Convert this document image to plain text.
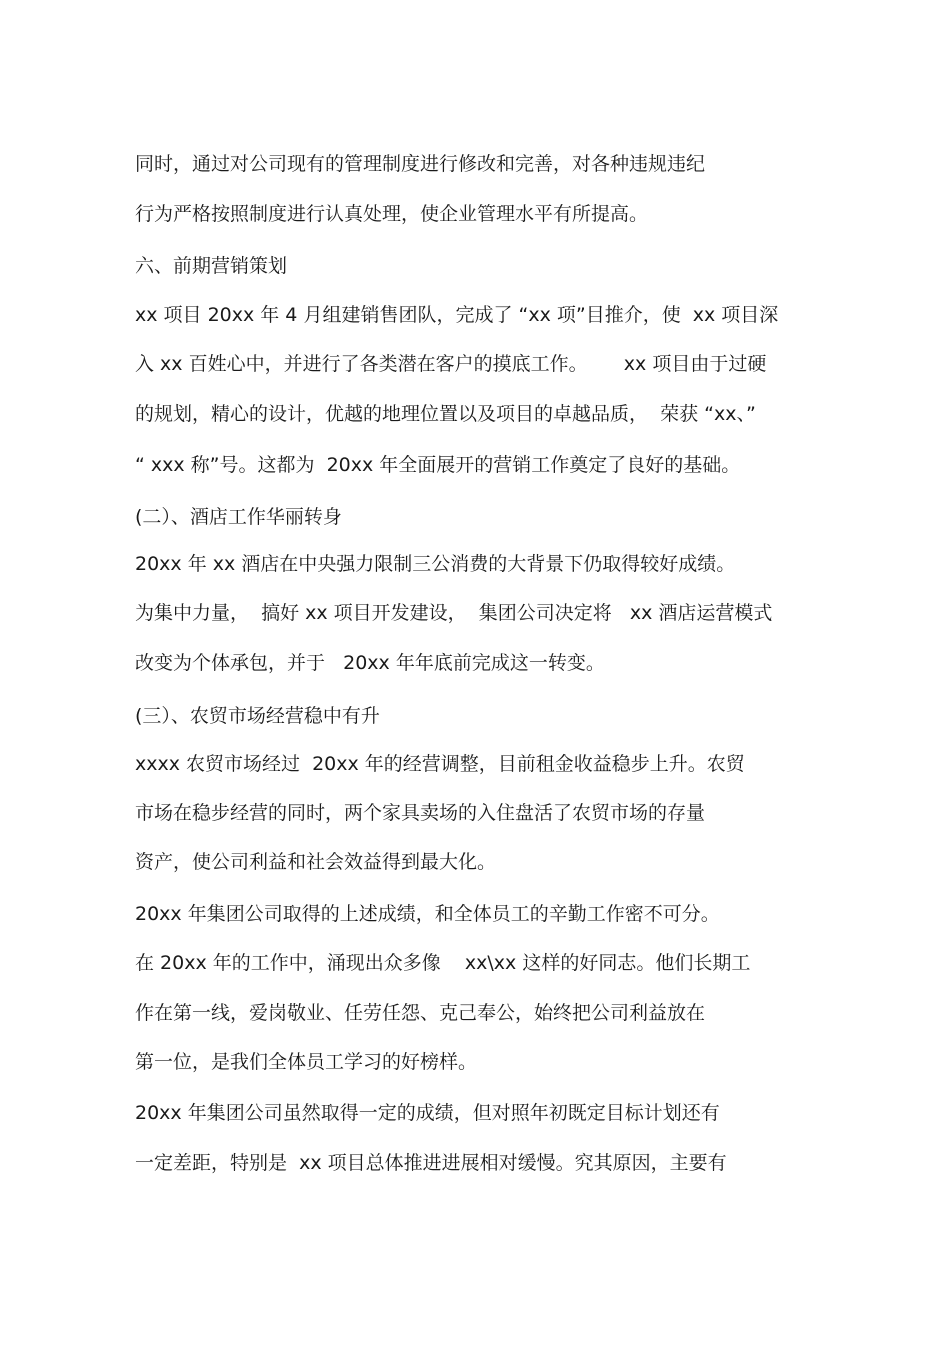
同时，通过对公司现有的管理制度进行修改和完善，对各种违规违纪
行为严格按照制度进行认真处理，使企业管理水平有所提高。
六、前期营销策划
xx 项目 20xx 年 4 月组建销售团队，完成了 “xx 项”目推介，使  xx 项目深
入 xx 百姓心中，并进行了各类潜在客户的摸底工作。      xx 项目由于过硬
的规划，精心的设计，优越的地理位置以及项目的卓越品质，  荣获 “xx、”
“ xxx 称”号。这都为  20xx 年全面展开的营销工作奠定了良好的基础。
(二）、酒店工作华丽转身
20xx 年 xx 酒店在中央强力限制三公消费的大背景下仍取得较好成绩。
为集中力量，  搞好 xx 项目开发建设，  集团公司决定将   xx 酒店运营模式
改变为个体承包，并于   20xx 年年底前完成这一转变。
(三）、农贸市场经营稳中有升
xxxx 农贸市场经过  20xx 年的经营调整，目前租金收益稳步上升。农贸
市场在稳步经营的同时，两个家具卖场的入住盘活了农贸市场的存量
资产，使公司利益和社会效益得到最大化。
20xx 年集团公司取得的上述成绩，和全体员工的辛勤工作密不可分。
在 20xx 年的工作中，涌现出众多像    xx\xx 这样的好同志。他们长期工
作在第一线，爱岗敬业、任劳任怨、克己奉公，始终把公司利益放在
第一位，是我们全体员工学习的好榜样。
20xx 年集团公司虽然取得一定的成绩，但对照年初既定目标计划还有
一定差距，特别是  xx 项目总体推进进展相对缓慢。究其原因，主要有
